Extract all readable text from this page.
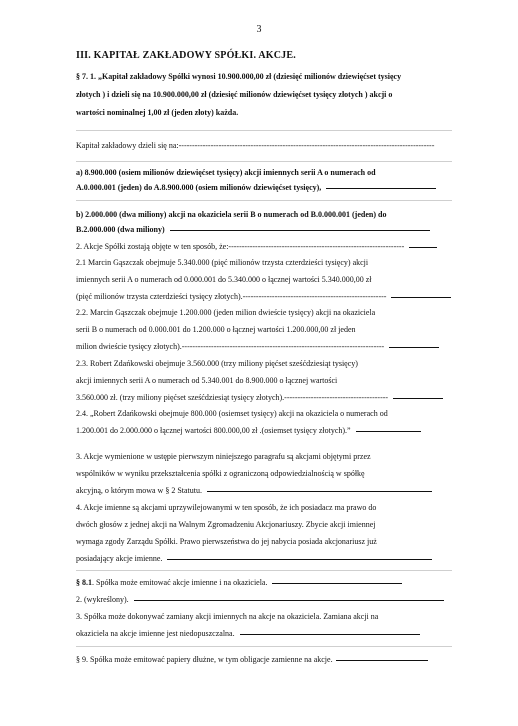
3
III. KAPITAŁ ZAKŁADOWY SPÓŁKI. AKCJE.
§ 7. 1. „Kapitał zakładowy Spółki wynosi 10.900.000,00 zł (dziesięć milionów dziewięćset tysięcy
złotych ) i dzieli się na 10.900.000,00 zł (dziesięć milionów dziewięćset tysięcy złotych ) akcji o
wartości nominalnej 1,00 zł (jeden złoty) każda.
Kapitał zakładowy dzieli się na:------------------------------------------------------------------------------------------------
a) 8.900.000 (osiem milionów dziewięćset tysięcy) akcji imiennych serii A o numerach od
A.0.000.001 (jeden) do A.8.900.000 (osiem milionów dziewięćset tysięcy),
b) 2.000.000 (dwa miliony) akcji na okaziciela serii B o numerach od B.0.000.001 (jeden) do
B.2.000.000 (dwa miliony)
2. Akcje Spółki zostają objęte w ten sposób, że:------------------------------------------------------------------
2.1 Marcin Gąszczak obejmuje 5.340.000 (pięć milionów trzysta czterdzieści tysięcy) akcji
imiennych serii A o numerach od 0.000.001 do 5.340.000 o łącznej wartości 5.340.000,00 zł
(pięć milionów trzysta czterdzieści tysięcy złotych).------------------------------------------------------
2.2. Marcin Gąszczak obejmuje 1.200.000 (jeden milion dwieście tysięcy) akcji na okaziciela
serii B o numerach od 0.000.001 do 1.200.000 o łącznej wartości 1.200.000,00 zł jeden
milion dwieście tysięcy złotych).----------------------------------------------------------------------------
2.3. Robert Zdańkowski obejmuje 3.560.000 (trzy miliony pięćset sześćdziesiąt tysięcy)
akcji imiennych serii A o numerach od 5.340.001 do 8.900.000 o łącznej wartości
3.560.000 zł. (trzy miliony pięćset sześćdziesiąt tysięcy złotych).---------------------------------------
2.4. „Robert Zdańkowski obejmuje 800.000 (osiemset tysięcy) akcji na okaziciela o numerach od
1.200.001 do 2.000.000 o łącznej wartości 800.000,00 zł .(osiemset tysięcy złotych).”
3. Akcje wymienione w ustępie pierwszym niniejszego paragrafu są akcjami objętymi przez
wspólników w wyniku przekształcenia spółki z ograniczoną odpowiedzialnością w spółkę
akcyjną, o którym mowa w § 2 Statutu.
4. Akcje imienne są akcjami uprzywilejowanymi w ten sposób, że ich posiadacz ma prawo do
dwóch głosów z jednej akcji na Walnym Zgromadzeniu Akcjonariuszy. Zbycie akcji imiennej
wymaga zgody Zarządu Spółki. Prawo pierwszeństwa do jej nabycia posiada akcjonariusz już
posiadający akcje imienne.
§ 8.1. Spółka może emitować akcje imienne i na okaziciela.
2. (wykreślony).
3. Spółka może dokonywać zamiany akcji imiennych na akcje na okaziciela. Zamiana akcji na
okaziciela na akcje imienne jest niedopuszczalna.
§ 9. Spółka może emitować papiery dłużne, w tym obligacje zamienne na akcje.
